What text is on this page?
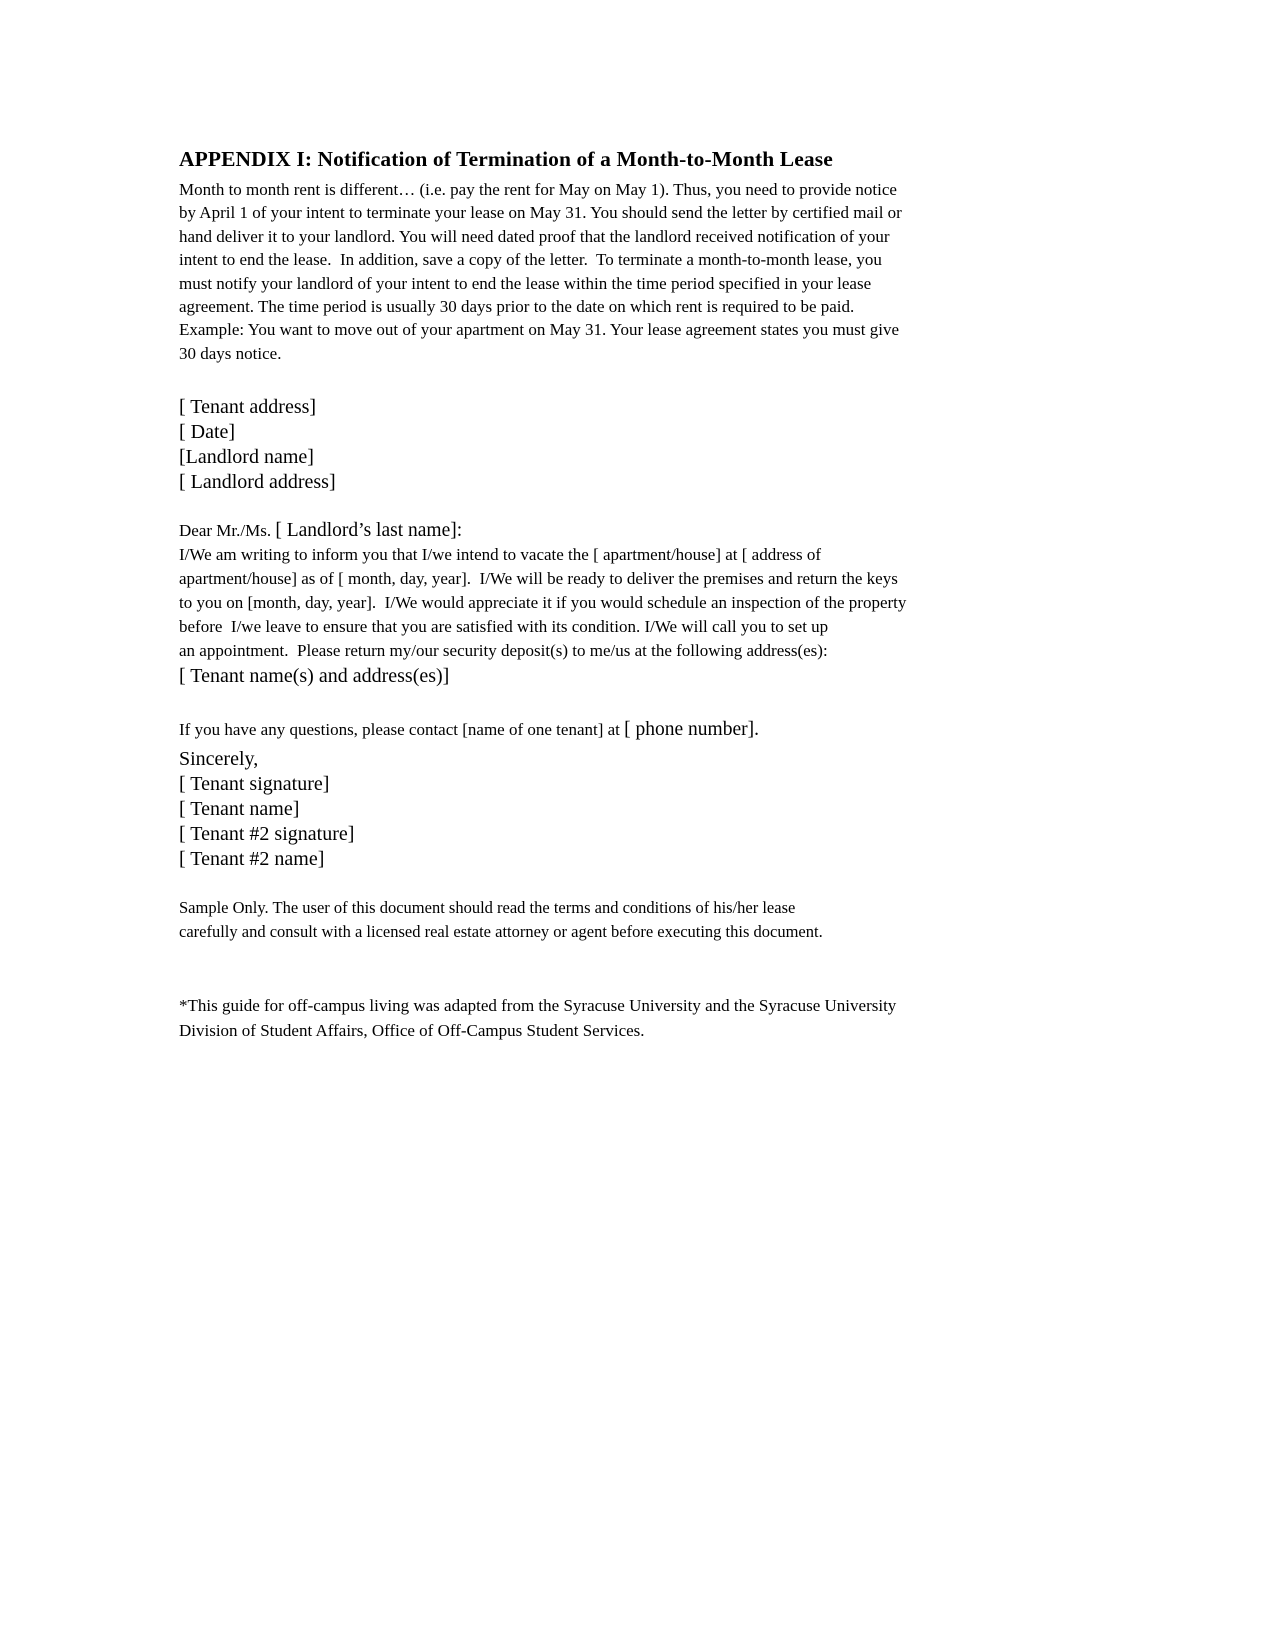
APPENDIX I: Notification of Termination of a Month-to-Month Lease
Month to month rent is different… (i.e. pay the rent for May on May 1). Thus, you need to provide notice
by April 1 of your intent to terminate your lease on May 31. You should send the letter by certified mail or
hand deliver it to your landlord. You will need dated proof that the landlord received notification of your
intent to end the lease.  In addition, save a copy of the letter.  To terminate a month-to-month lease, you
must notify your landlord of your intent to end the lease within the time period specified in your lease
agreement. The time period is usually 30 days prior to the date on which rent is required to be paid.
Example: You want to move out of your apartment on May 31. Your lease agreement states you must give
30 days notice.
[ Tenant address]
[ Date]
[Landlord name]
[ Landlord address]
Dear Mr./Ms. [ Landlord’s last name]:
I/We am writing to inform you that I/we intend to vacate the [ apartment/house] at [ address of
apartment/house] as of [ month, day, year].  I/We will be ready to deliver the premises and return the keys
to you on [month, day, year].  I/We would appreciate it if you would schedule an inspection of the property
before  I/we leave to ensure that you are satisfied with its condition. I/We will call you to set up
an appointment.  Please return my/our security deposit(s) to me/us at the following address(es):
[ Tenant name(s) and address(es)]
If you have any questions, please contact [name of one tenant] at [ phone number].
Sincerely,
[ Tenant signature]
[ Tenant name]
[ Tenant #2 signature]
[ Tenant #2 name]
Sample Only. The user of this document should read the terms and conditions of his/her lease
carefully and consult with a licensed real estate attorney or agent before executing this document.
*This guide for off-campus living was adapted from the Syracuse University and the Syracuse University
Division of Student Affairs, Office of Off-Campus Student Services.
